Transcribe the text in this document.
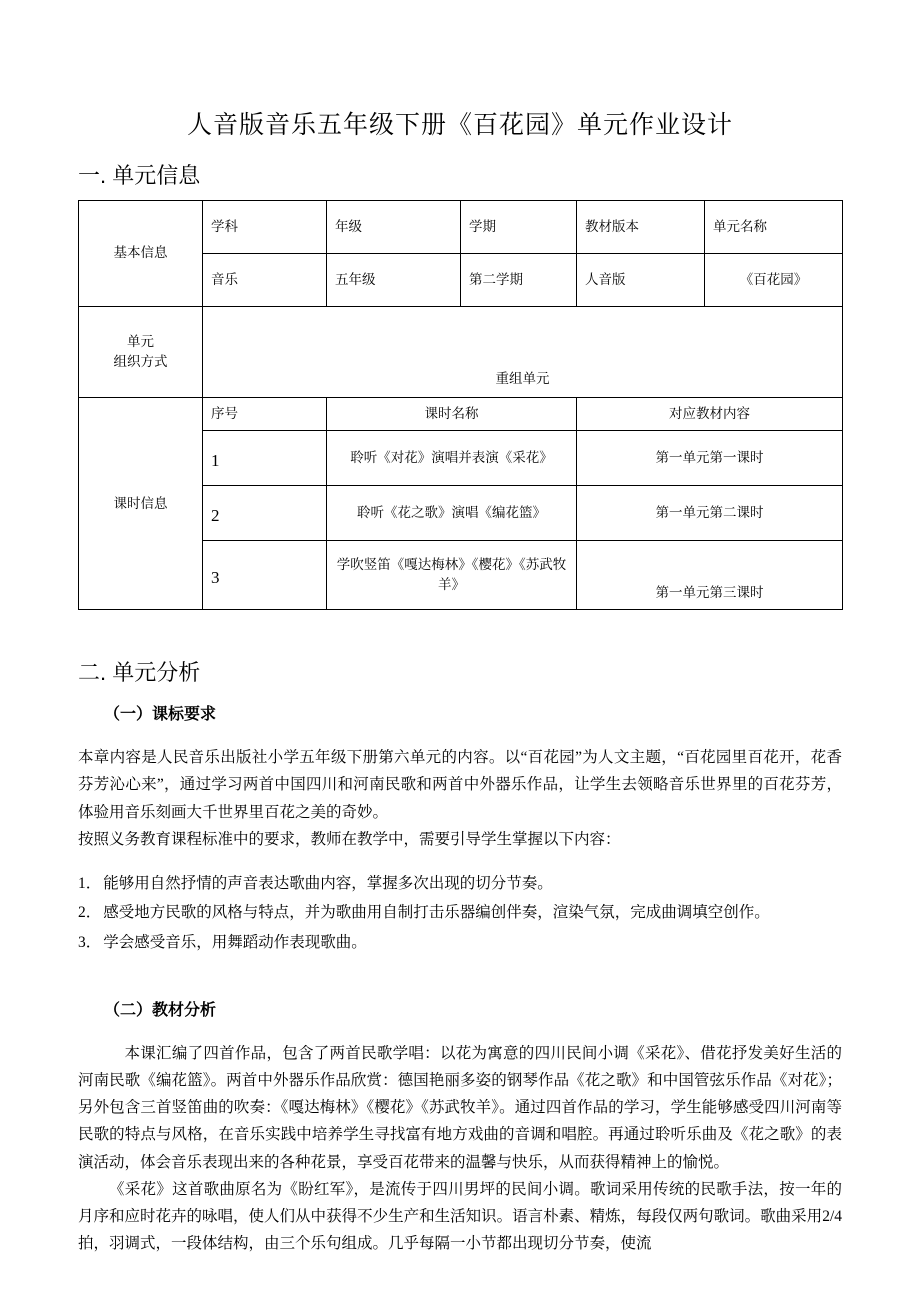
人音版音乐五年级下册《百花园》单元作业设计
一. 单元信息
基本信息	学科	年级	学期	教材版本	单元名称
	音乐	五年级	第二学期	人音版	《百花园》

单元
组织方式	重组单元				
课时信息	序号	课时名称		对应教材内容	
	1	聆听《对花》演唱并表演《采花》		第一单元第一课时	
	2	聆听《花之歌》演唱《编花篮》		第一单元第二课时	
	3	学吹竖笛《嘎达梅林》《樱花》《苏武牧羊》		第一单元第三课时	
二. 单元分析
（一）课标要求

本章内容是人民音乐出版社小学五年级下册第六单元的内容。以“百花园”为人文主题，“百花园里百花开，花香芬芳沁心来”，通过学习两首中国四川和河南民歌和两首中外器乐作品，让学生去领略音乐世界里的百花芬芳，体验用音乐刻画大千世界里百花之美的奇妙。

按照义务教育课程标准中的要求，教师在教学中，需要引导学生掌握以下内容：

1． 能够用自然抒情的声音表达歌曲内容，掌握多次出现的切分节奏。
2． 感受地方民歌的风格与特点，并为歌曲用自制打击乐器编创伴奏，渲染气氛，完成曲调填空创作。
3． 学会感受音乐，用舞蹈动作表现歌曲。
（二）教材分析

本课汇编了四首作品，包含了两首民歌学唱：以花为寓意的四川民间小调《采花》、借花抒发美好生活的河南民歌《编花篮》。两首中外器乐作品欣赏：德国艳丽多姿的钢琴作品《花之歌》和中国管弦乐作品《对花》；另外包含三首竖笛曲的吹奏：《嘎达梅林》《樱花》《苏武牧羊》。通过四首作品的学习，学生能够感受四川河南等民歌的特点与风格，在音乐实践中培养学生寻找富有地方戏曲的音调和唱腔。再通过聆听乐曲及《花之歌》的表演活动，体会音乐表现出来的各种花景，享受百花带来的温馨与快乐，从而获得精神上的愉悦。

《采花》这首歌曲原名为《盼红军》，是流传于四川男坪的民间小调。歌词采用传统的民歌手法，按一年的月序和应时花卉的咏唱，使人们从中获得不少生产和生活知识。语言朴素、精炼，每段仅两句歌词。歌曲采用2/4拍，羽调式，一段体结构，由三个乐句组成。几乎每隔一小节都出现切分节奏，使流
